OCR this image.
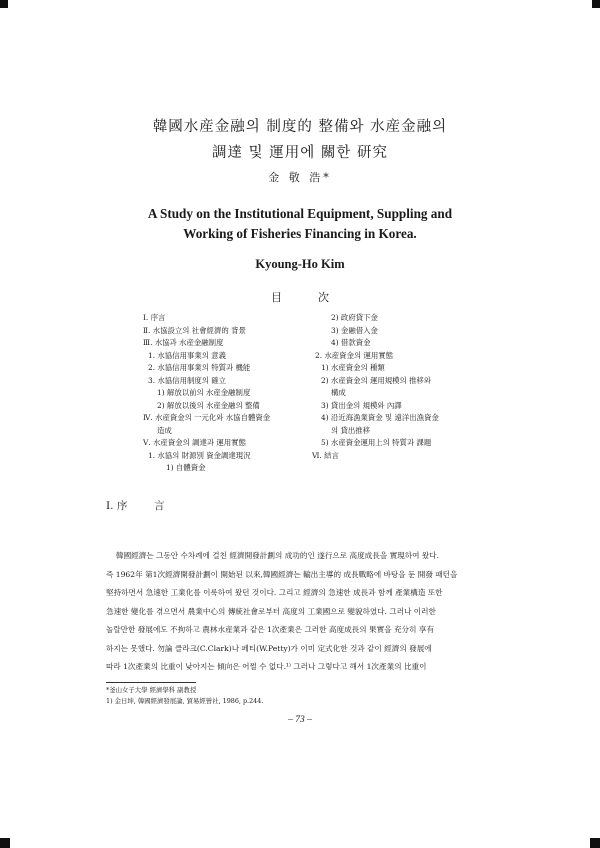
韓國水産金融의 制度的 整備와 水産金融의
調達 및 運用에 關한 研究
金 敬 浩*
A Study on the Institutional Equipment, Suppling and
Working of Fisheries Financing in Korea.
Kyoung-Ho Kim
目次
Ⅰ. 序言
Ⅱ. 水協設立의 社會經濟的 背景
Ⅲ. 水協과 水産金融制度
1. 水協信用事業의 意義
2. 水協信用事業의 特質과 機能
3. 水協信用制度의 確立
1) 解放以前의 水産金融制度
2) 解放以後의 水産金融의 整備
Ⅳ. 水産資金의 一元化와 水協自體資金
造成
Ⅴ. 水産資金의 調達과 運用實態
1. 水協의 財源別 資金調達現況
1) 自體資金
2) 政府貸下金
3) 金融借入金
4) 借款資金
2. 水産資金의 運用實態
1) 水産資金의 種類
2) 水産資金의 運用規模의 推移와
構成
3) 貸出金의 規模와 內譯
4) 沿近海漁業資金 및 遠洋出漁資金
의 貸出推移
5) 水産資金運用上의 特質과 課題
Ⅵ. 結言
Ⅰ. 序	言
韓國經濟는 그동안 수차례에 걸친 經濟開發計劃의 成功的인 遂行으로 高度成長을 實現하여 왔다.
즉 1962年 第1次經濟開發計劃이 開始된 以來,韓國經濟는 輸出主導的 成長戰略에 바탕을 둔 開發 패턴을
堅持하면서 急速한 工業化를 이룩하여 왔던 것이다. 그리고 經濟의 急速한 成長과 함께 產業構造 또한
急速한 變化를 겪으면서 農業中心의 傳統社會로부터 高度의 工業國으로 變貌하였다. 그러나 이러한
놀랄만한 發展에도 不拘하고 農林水産業과 같은 1次產業은 그러한 高度成長의 果實을 充分히 享有
하지는 못했다. 勿論 클라크(C.Clark)나 페티(W.Petty)가 이미 定式化한 것과 같이 經濟의 發展에
따라 1次產業의 比重이 낮아지는 傾向은 어쩔 수 없다.¹⁾ 그러나 그렇다고 해서 1次產業의 比重이
*釜山女子大學 經濟學科 副教授
1) 金日坤, 韓國經濟發展論, 貿易經營社, 1986, p.244.
– 73 –
